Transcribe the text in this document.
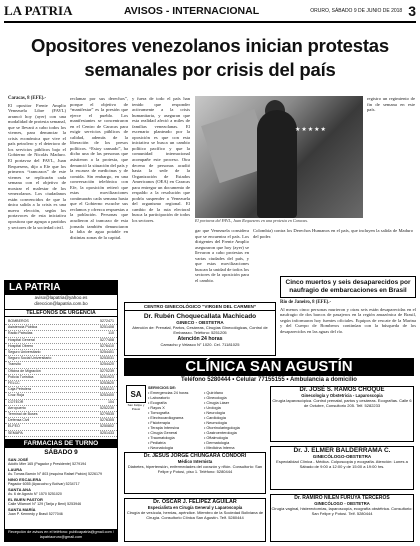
LA PATRIA	AVISOS - INTERNACIONAL	ORURO, SÁBADO 9 DE JUNIO DE 2018 3
Opositores venezolanos inician protestas semanales por crisis del país

Caracas, 8 (EFE).-

El opositor Frente Amplio Venezuela Libre (FAVL) arrancó hoy (ayer) con una modalidad de protesta semanal, que se llevará a cabo todos los viernes, para denunciar la crisis económica que vive el país petrolero y el deterioro de los servicios públicos bajo el Gobierno de Nicolás Maduro. El portavoz del FAVL, Juan Requesens, dijo a Efe que los primeros “trancazos” de este viernes se replicarán cada semana con el objetivo de mostrar el malestar de los venezolanos. Los ciudadanos están convencidos de que la única salida a la crisis es una nueva elección, según los portavoces de esta iniciativa opositora que agrupa a partidos y sectores de la sociedad civil.

reclamar por sus derechos”, porque el objetivo de “manifestar” es la presión que ejerce el pueblo. Los manifestantes se concentraron en el Centro de Caracas para exigir servicios públicos de calidad, además de la liberación de los presos políticos. “Estoy cansado”, ha dicho una de las personas que asistieron a la protesta, que denunció la situación del país y la escasez de medicinas y de comida. Sin embargo, en una conversación telefónica con Efe, la oposición reiteró que estas movilizaciones continuarán cada semana hasta que el Gobierno escuche sus reclamos y ofrezca respuestas a la población. Personas que acudieron al trancazo de esta jornada también denunciaron la falta de agua potable en distintas zonas de la capital.

y fuera de todo el país han tenido que responder activamente a la crisis humanitaria, y aseguran que esta realidad afectó a miles de familias venezolanas. El escenario planteado por la oposición es que con esta iniciativa se busca un cambio político pacífico y que la comunidad internacional acompañe este proceso. Otra decena de personas acudió hasta la sede de la Organización de Estados Americanos (OEA) en Caracas para entregar un documento de respaldo a la resolución que podría suspender a Venezuela del organismo regional. El cambio de la ruta electoral busca la participación de todos los sectores.

registro un regimiento de fin de semana en este país.

★★★★★
El portavoz del FAVL, Juan Requesens en una protesta en Caracas.

gar que Venezuela considera que se encuentra el país. Los dirigentes del Frente Amplio aseguraron que hoy (ayer) se llevaron a cabo protestas en varias ciudades del país, y que estas movilizaciones buscan la unidad de todos los sectores de la oposición para el cambio.

Colombia) contra los Derechos Humanos en el país, que incluyen la salida de Maduro del poder.

Cinco muertos y seis desaparecidos por naufragio de embarcaciones en Brasil

Rio de Janeiro, 8 (EFE).-

Al menos cinco personas murieron y otras seis están desaparecidas en el naufragio de dos barcos de pasajeros en la región amazónica de Brasil, según informaron hoy fuentes oficiales. Equipos de rescate de la Marina y del Cuerpo de Bomberos continúan con la búsqueda de los desaparecidos en las aguas del río.

LA PATRIA
aviso@lapatria@yahoo.es
direccion@lapatria.com.bo
TELÉFONOS DE URGENCIA
BOMBEROS	5272471
Asistencia Pública	5251408
Radio Patrullas	110
Hospital General	5277408
Hospital Obrero	5276410
Seguro Universitario	5254401
Seguro Social Universitario	5253031
Transito	5254420
Oficina de Migración	5270239
Policía Turística	5251923
FELCC	5253620
Caja Petrolera	5253121
Cruz Roja	5253400
COTEOR	104
Aeropuerto	5252230
Terminal de Buses	5279535
Defensa Civil	5276305
ELFEO	5250802
SEMAPA	5251433
FARMACIAS DE TURNO
SÁBADO 9
SAN JOSÉ
Adolfo Mier 165 (Pagador y Presidente) 5279194
LAURA
Av. Tomas Barrón N° 803 (esquina Rafael Pabón) 5226179
NINO ESCALERA
Pagador 6055 (Ayacucho y Bolívar) 5234717
SANTA ANA
Av. 6 de Agosto N° 1570 5251020
EL BUEN PASTOR
Calle Villarroel N° 129 (Tarija y Beni) 5253946
SANTA MARÍA
Juan P. Kennedy y Brasil 5277046
Recepción de avisos en el teléfono: publicapatria@gmail.com / lapatriaoruro@gmail.com
CENTRO GINECOLÓGICO “VIRGEN DEL CARMEN”
Dr. Rubén Choquecallata Machicado
GINECO - OBSTETRA
Atención de: Prenatal, Partos, Cesáreas, Cirugías Ginecológicas, Control de Embarazo. Teléfono: 5251205
Atención 24 horas
Camacho y Velasco N° 1020. Cel. 71181025
CLÍNICA SAN AGUSTÍN
Teléfono 5280444 • Celular 77155155 • Ambulancia a domicilio
SA
San Felipe y Potosí
SERVICIOS DE:
• Emergencias 24 horas
• Laboratorio
• Ecografía
• Rayos X
• Tomografía
• Electrocardiograma
• Fisioterapia
• Terapia Intensiva
• Cirugía General
• Traumatología
• Pediatría
• Neonatología
• Quirófano
• Ginecología
• Cirugía Láser
• Urología
• Neurología
• Cardiología
• Neumología
• Otorrinolaringología
• Gastroenterología
• Oftalmología
• Dermatología
• Medicina Interna
Dr. JOSÉ S. RAMOS CHOQUE
Ginecología y Obstetricia - Laparoscopia
Cirugía laparoscópica. Control prenatal, partos y cesáreas. Ecografías. Calle 6 de Octubre, Consultorio 205. Telf. 5282233
Dr. JESÚS JORGE CHUNGARA CONDORI
Médico Internista
Diabetes, hipertensión, enfermedades del corazón y riñón. Consultorio: San Felipe y Potosí, piso 1. Teléfono: 5280444
Dr. J. ELMER BALDERRAMA C.
GINECÓLOGO-OBSTETRA
Especialidad Clínica - Médica. Colposcopia y ecografía. Atención: Lunes a Sábado de 9:00 a 12:00 y de 15:00 a 19:00 hrs.
Dr. OSCAR J. FELIPEZ AGUILAR
Especialista en Cirugía General y Laparoscopía
Cirugía de vesícula, hernias, apéndice. Miembro de la Sociedad Boliviana de Cirugía. Consultorio Clínica San Agustín. Telf. 5280444
Dr. RAMIRO NILEN FURUYA TERCEROS
GINECÓLOGO - OBSTETRA
Cirugía vaginal, histerectomías, laparoscopía, ecografía obstétrica. Consultorio: San Felipe y Potosí. Telf. 5280444
